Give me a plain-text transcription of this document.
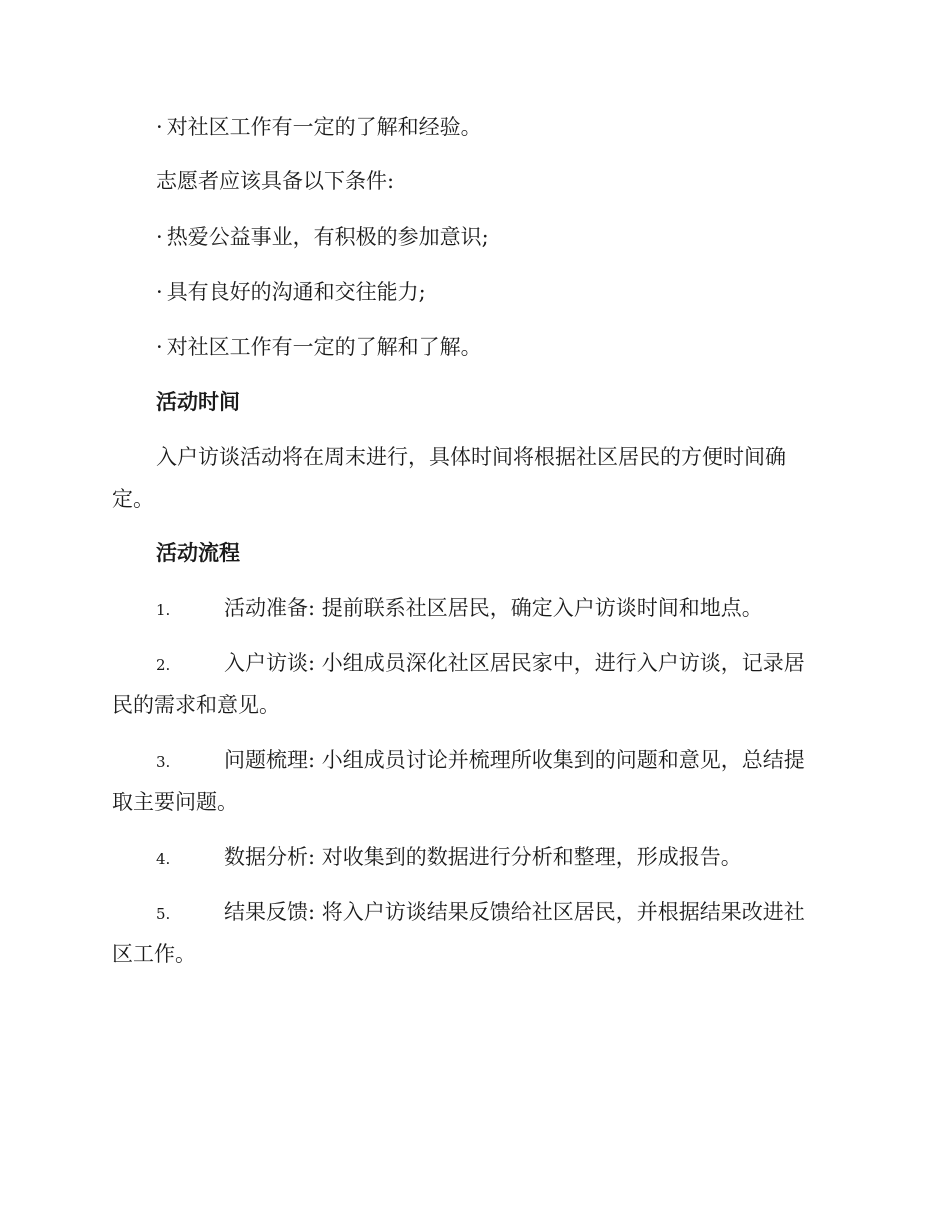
· 对社区工作有一定的了解和经验。
志愿者应该具备以下条件:
· 热爱公益事业，有积极的参加意识;
· 具有良好的沟通和交往能力;
· 对社区工作有一定的了解和了解。
活动时间
入户访谈活动将在周末进行，具体时间将根据社区居民的方便时间确
定。
活动流程
1.	活动准备: 提前联系社区居民，确定入户访谈时间和地点。
2.	入户访谈: 小组成员深化社区居民家中，进行入户访谈，记录居
民的需求和意见。
3.	问题梳理: 小组成员讨论并梳理所收集到的问题和意见，总结提
取主要问题。
4.	数据分析: 对收集到的数据进行分析和整理，形成报告。
5.	结果反馈: 将入户访谈结果反馈给社区居民，并根据结果改进社
区工作。
